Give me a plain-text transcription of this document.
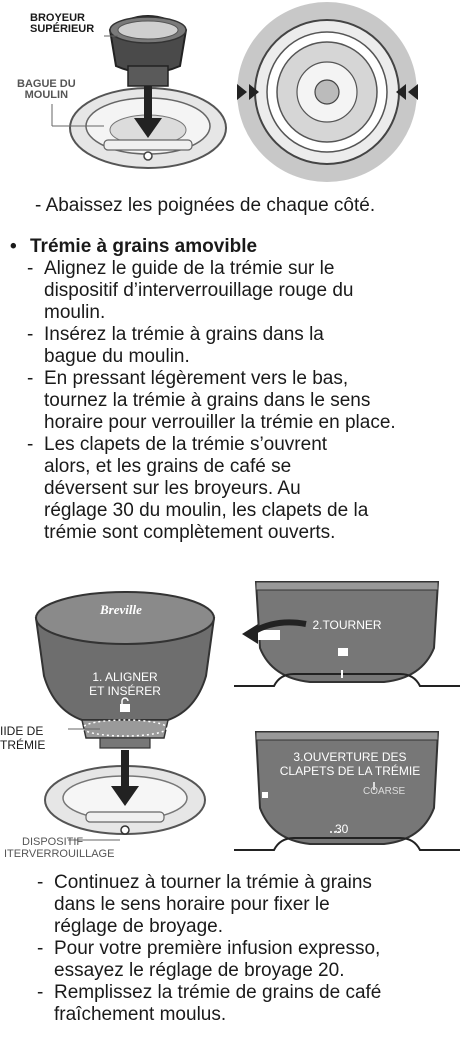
BROYEUR
SUPÉRIEUR
BAGUE DU
MOULIN
- Abaissez les poignées de chaque côté.
• Trémie à grains amovible
- Alignez le guide de la trémie sur le
dispositif d’interverrouillage rouge du
moulin.
- Insérez la trémie à grains dans la
bague du moulin.
- En pressant légèrement vers le bas,
tournez la trémie à grains dans le sens
horaire pour verrouiller la trémie en place.
- Les clapets de la trémie s’ouvrent
alors, et les grains de café se
déversent sur les broyeurs. Au
réglage 30 du moulin, les clapets de la
trémie sont complètement ouverts.
Breville
1. ALIGNER
ET INSÉRER
IIDE DE
TRÉMIE
DISPOSITIF
ITERVERROUILLAGE
2.TOURNER
3.OUVERTURE DES
CLAPETS DE LA TRÉMIE
COARSE
30
- Continuez à tourner la trémie à grains
dans le sens horaire pour fixer le
réglage de broyage.
- Pour votre première infusion expresso,
essayez le réglage de broyage 20.
- Remplissez la trémie de grains de café
fraîchement moulus.
